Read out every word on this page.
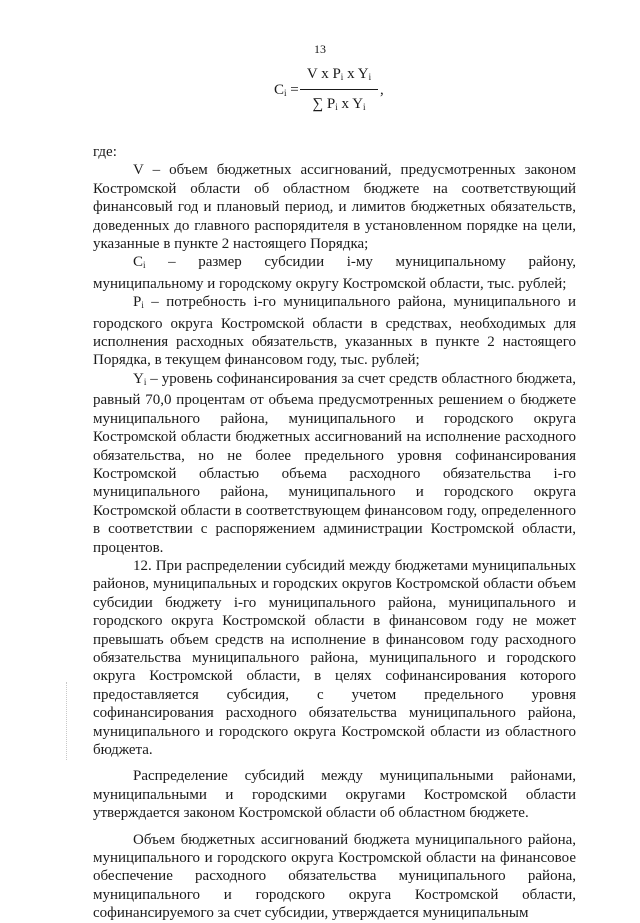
13
$C_i$ =
V x $P_i$ x $Y_i$
∑ $P_i$ x $Y_i$
,

где:

V – объем бюджетных ассигнований, предусмотренных законом Костромской области об областном бюджете на соответствующий финансовый год и плановый период, и лимитов бюджетных обязательств, доведенных до главного распорядителя в установленном порядке на цели, указанные в пункте 2 настоящего Порядка;

$C_i$ – размер субсидии i-му муниципальному району, муниципальному и городскому округу Костромской области, тыс. рублей;

$P_i$ – потребность i-го муниципального района, муниципального и городского округа Костромской области в средствах, необходимых для исполнения расходных обязательств, указанных в пункте 2 настоящего Порядка, в текущем финансовом году, тыс. рублей;

$Y_i$ – уровень софинансирования за счет средств областного бюджета, равный 70,0 процентам от объема предусмотренных решением о бюджете муниципального района, муниципального и городского округа Костромской области бюджетных ассигнований на исполнение расходного обязательства, но не более предельного уровня софинансирования Костромской областью объема расходного обязательства i-го муниципального района, муниципального и городского округа Костромской области в соответствующем финансовом году, определенного в соответствии с распоряжением администрации Костромской области, процентов.

12. При распределении субсидий между бюджетами муниципальных районов, муниципальных и городских округов Костромской области объем субсидии бюджету i-го муниципального района, муниципального и городского округа Костромской области в финансовом году не может превышать объем средств на исполнение в финансовом году расходного обязательства муниципального района, муниципального и городского округа Костромской области, в целях софинансирования которого предоставляется субсидия, с учетом предельного уровня софинансирования расходного обязательства муниципального района, муниципального и городского округа Костромской области из областного бюджета.

Распределение субсидий между муниципальными районами, муниципальными и городскими округами Костромской области утверждается законом Костромской области об областном бюджете.

Объем бюджетных ассигнований бюджета муниципального района, муниципального и городского округа Костромской области на финансовое обеспечение расходного обязательства муниципального района, муниципального и городского округа Костромской области, софинансируемого за счет субсидии, утверждается муниципальным
